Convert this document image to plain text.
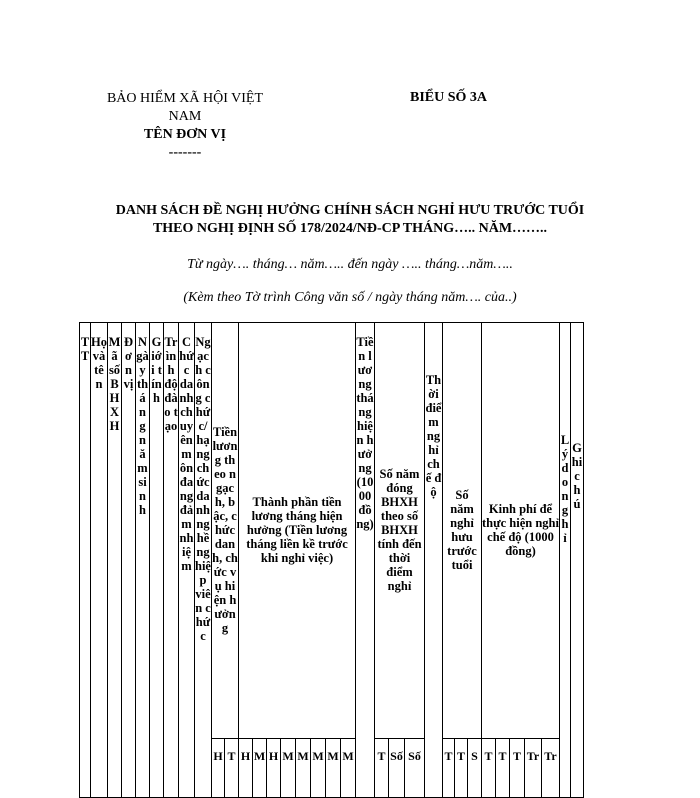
BẢO HIỂM XÃ HỘI VIỆT
NAM
TÊN ĐƠN VỊ
-------
BIỂU SỐ 3A
DANH SÁCH ĐỀ NGHỊ HƯỞNG CHÍNH SÁCH NGHỈ HƯU TRƯỚC TUỔI
THEO NGHỊ ĐỊNH SỐ 178/2024/NĐ-CP THÁNG….. NĂM……..
Từ ngày…. tháng… năm….. đến ngày ….. tháng…năm…..
(Kèm theo Tờ trình Công văn số / ngày tháng năm…. của..)
TT	Họ và tên	Mã số BHXH	Đơn vị	Ngày tháng năm sinh	Giới tính	Trình độ đào tạo	Chức danh chuyên môn đang đảm nhiệm	Ngạch công chức/ hạng chức danh nghề nghiệp viên chức	Tiền lương theo ngạch, bậc, chức danh, chức vụ hiện hưởng		Thành phần tiền lương tháng hiện hưởng (Tiền lương tháng liền kề trước khi nghỉ việc)								Tiền lương tháng hiện hưởng (1000 đồng)	Số năm đóng BHXH theo số BHXH tính đến thời điểm nghỉ			Thời điểm nghỉ chế độ	Số năm nghỉ hưu trước tuổi			Kinh phí để thực hiện nghỉ chế độ (1000 đồng)					Lý do nghỉ	Ghi chú
									H	T	H	M	H	M	M	M	M	M		T	Số	Số		T	T	S	T	T	T	Tr	Tr		
